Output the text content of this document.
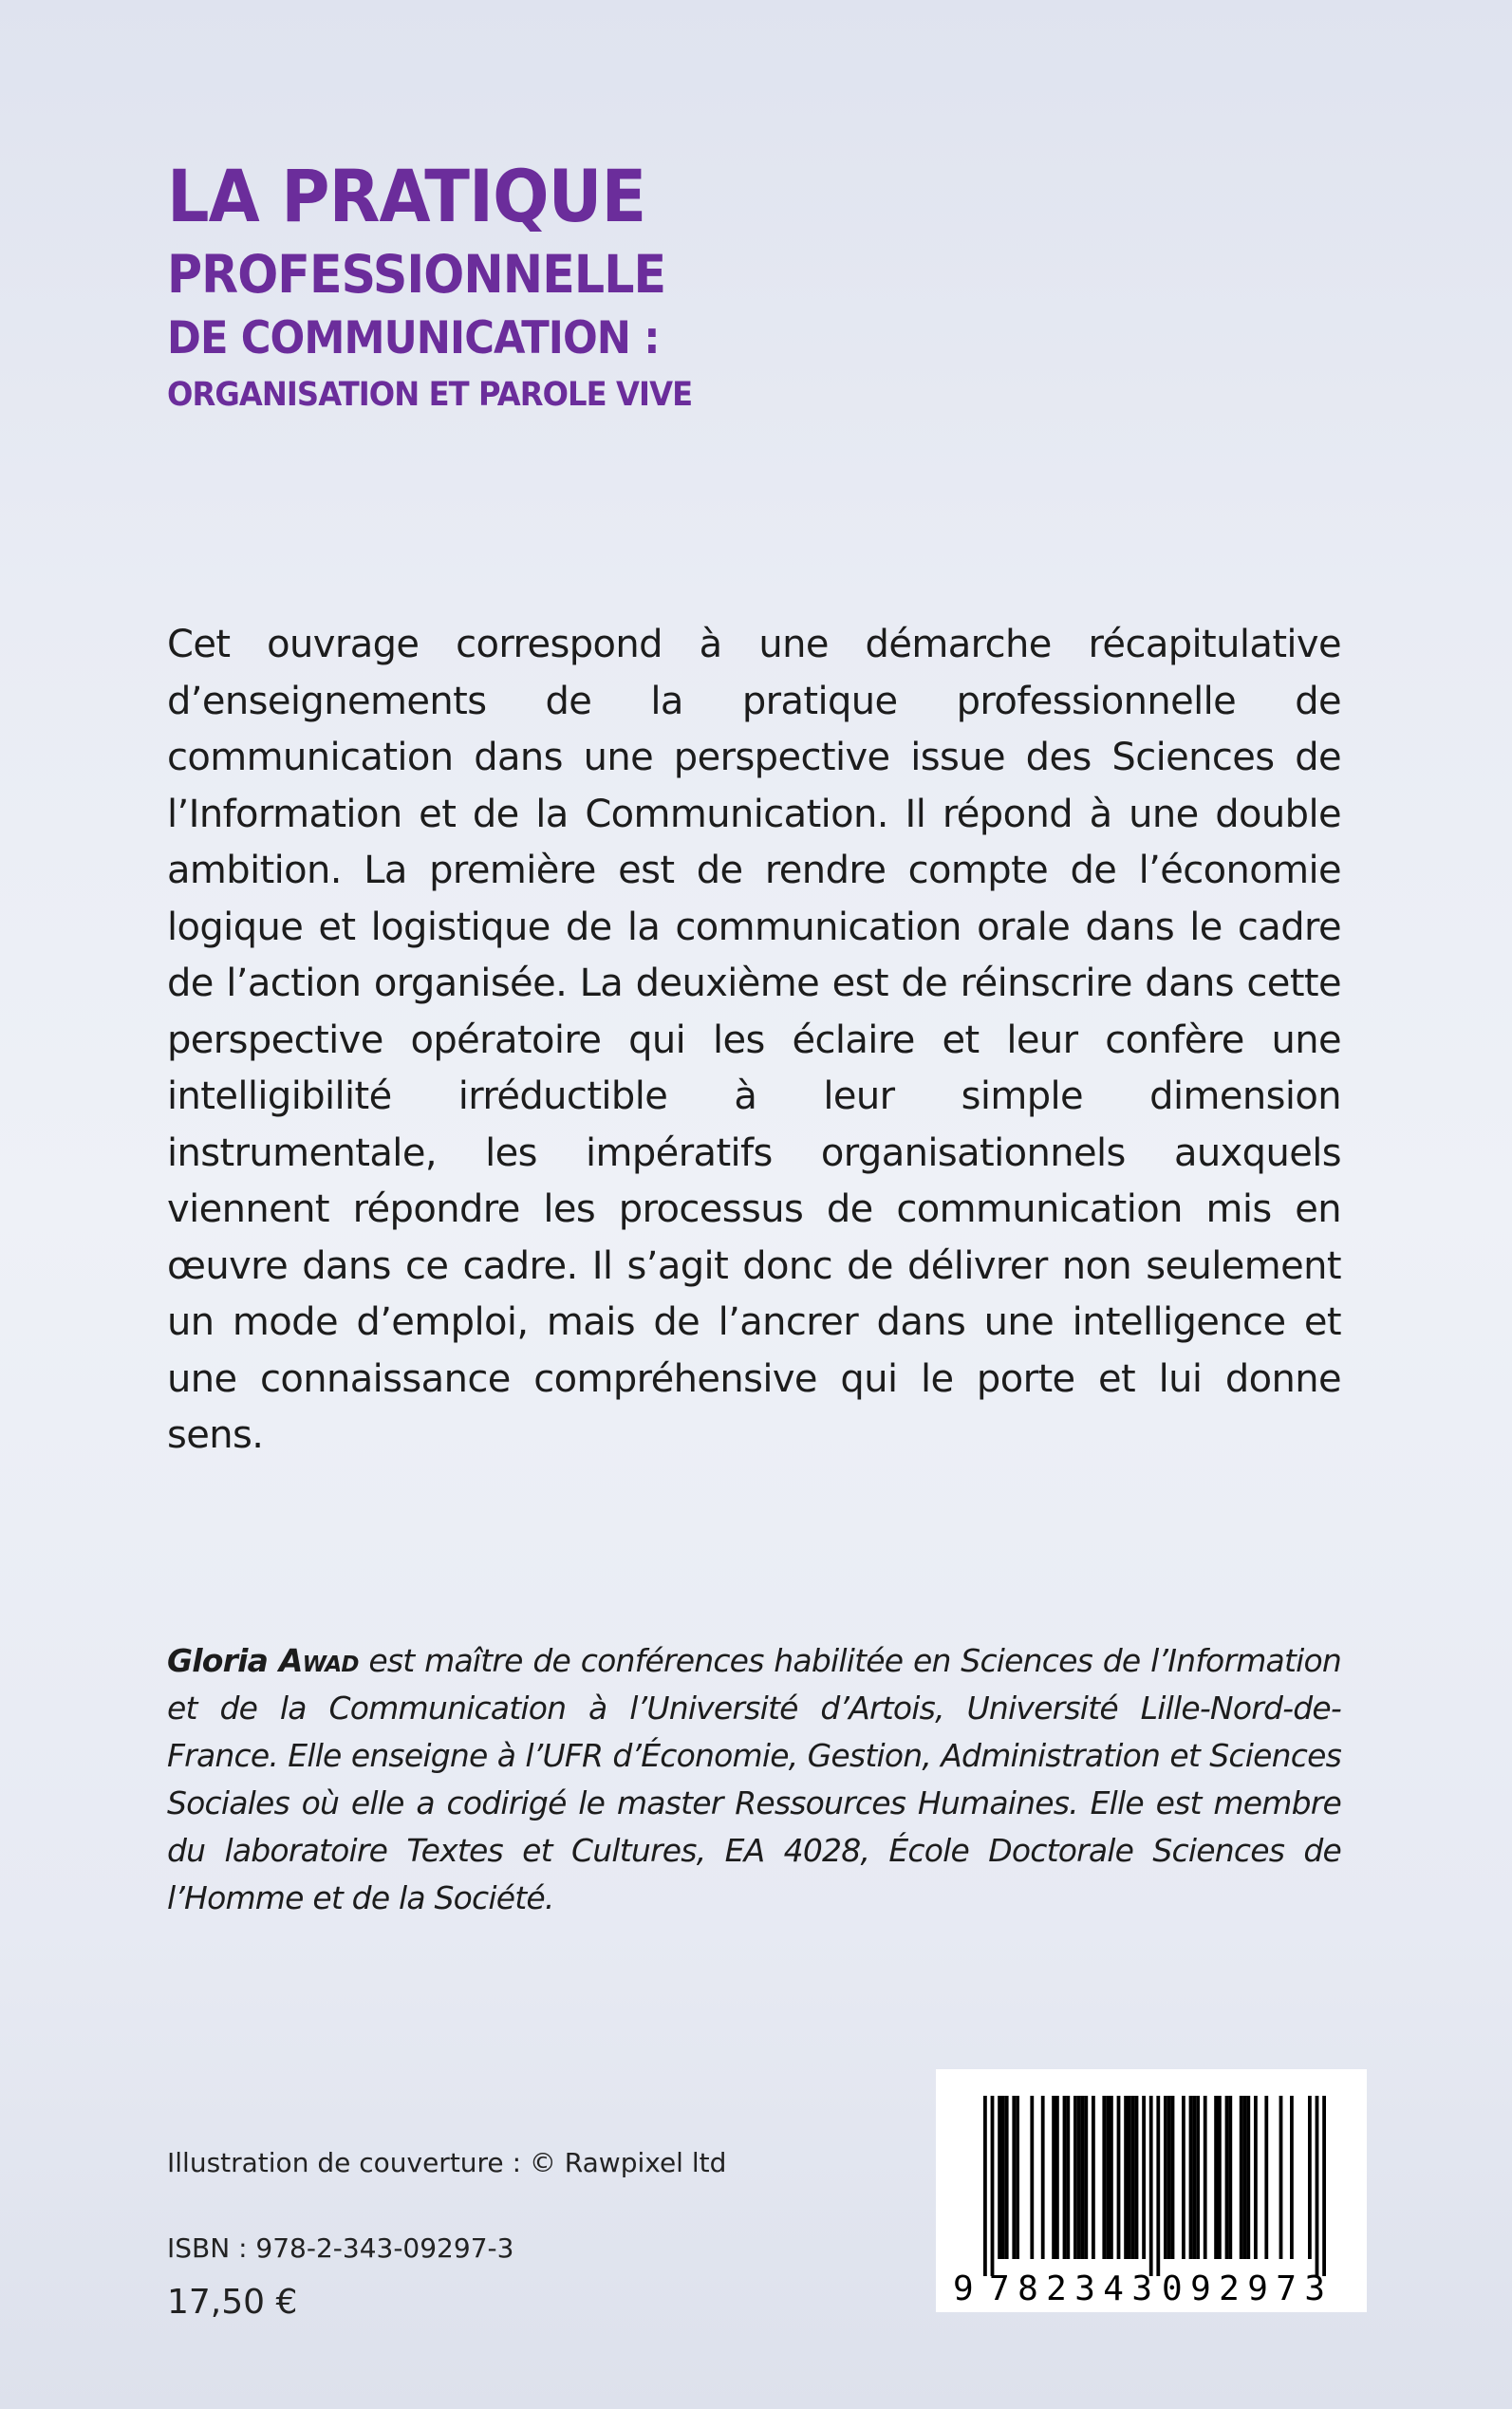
LA PRATIQUE
PROFESSIONNELLE
DE COMMUNICATION :
ORGANISATION ET PAROLE VIVE

Cet ouvrage correspond à une démarche récapitulative d’enseignements de la pratique professionnelle de communication dans une perspective issue des Sciences de l’Information et de la Communication. Il répond à une double ambition. La première est de rendre compte de l’économie logique et logistique de la communication orale dans le cadre de l’action organisée. La deuxième est de réinscrire dans cette perspective opératoire qui les éclaire et leur confère une intelligibilité irréductible à leur simple dimension instrumentale, les impératifs organisationnels auxquels viennent répondre les processus de communication mis en œuvre dans ce cadre. Il s’agit donc de délivrer non seulement un mode d’emploi, mais de l’ancrer dans une intelligence et une connaissance compréhensive qui le porte et lui donne sens.

Gloria Awad est maître de conférences habilitée en Sciences de l’Information et de la Communication à l’Université d’Artois, Université Lille-Nord-de-France. Elle enseigne à l’UFR d’Économie, Gestion, Administration et Sciences Sociales où elle a codirigé le master Ressources Humaines. Elle est membre du laboratoire Textes et Cultures, EA 4028, École Doctorale Sciences de l’Homme et de la Société.

Illustration de couverture : © Rawpixel ltd
ISBN : 978-2-343-09297-3
17,50 €	9 782343 092973
